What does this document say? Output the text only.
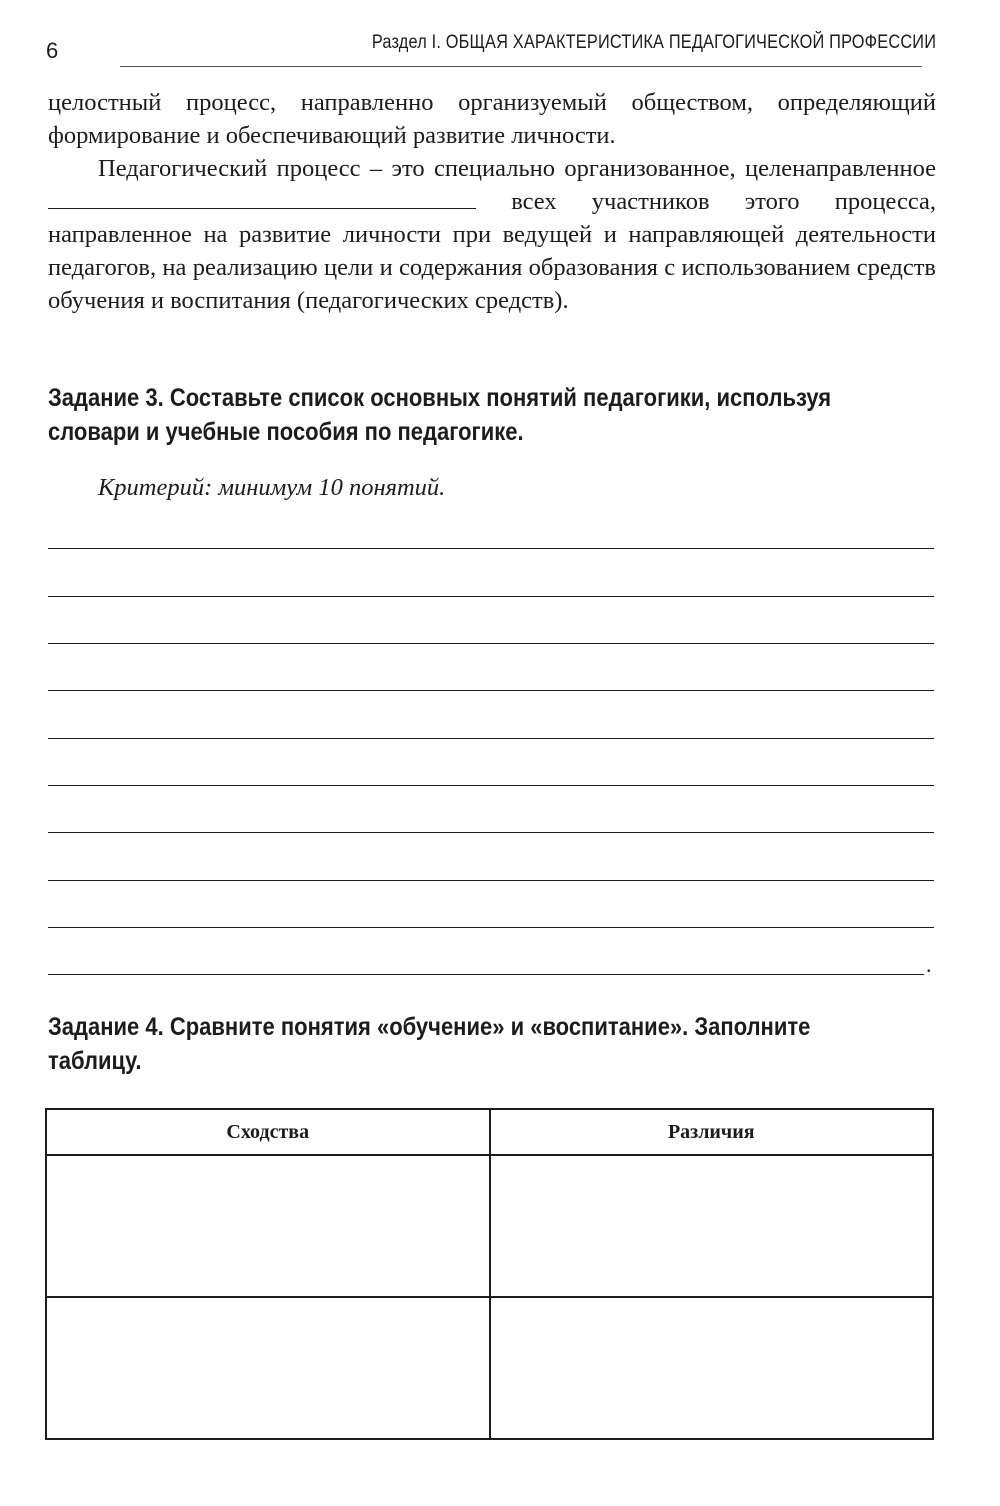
6	Раздел I. ОБЩАЯ ХАРАКТЕРИСТИКА ПЕДАГОГИЧЕСКОЙ ПРОФЕССИИ

целостный процесс, направленно организуемый обществом, определяющий формирование и обеспечивающий развитие личности.

Педагогический процесс – это специально организованное, целенаправленное  всех участников этого процесса, направленное на развитие личности при ведущей и направляющей деятельности педагогов, на реализацию цели и содержания образования с использованием средств обучения и воспитания (педагогических средств).

Задание 3. Составьте список основных понятий педагогики, используя словари и учебные пособия по педагогике.
Критерий: минимум 10 понятий.
.
Задание 4. Сравните понятия «обучение» и «воспитание». Заполните таблицу.
Сходства	Различия
